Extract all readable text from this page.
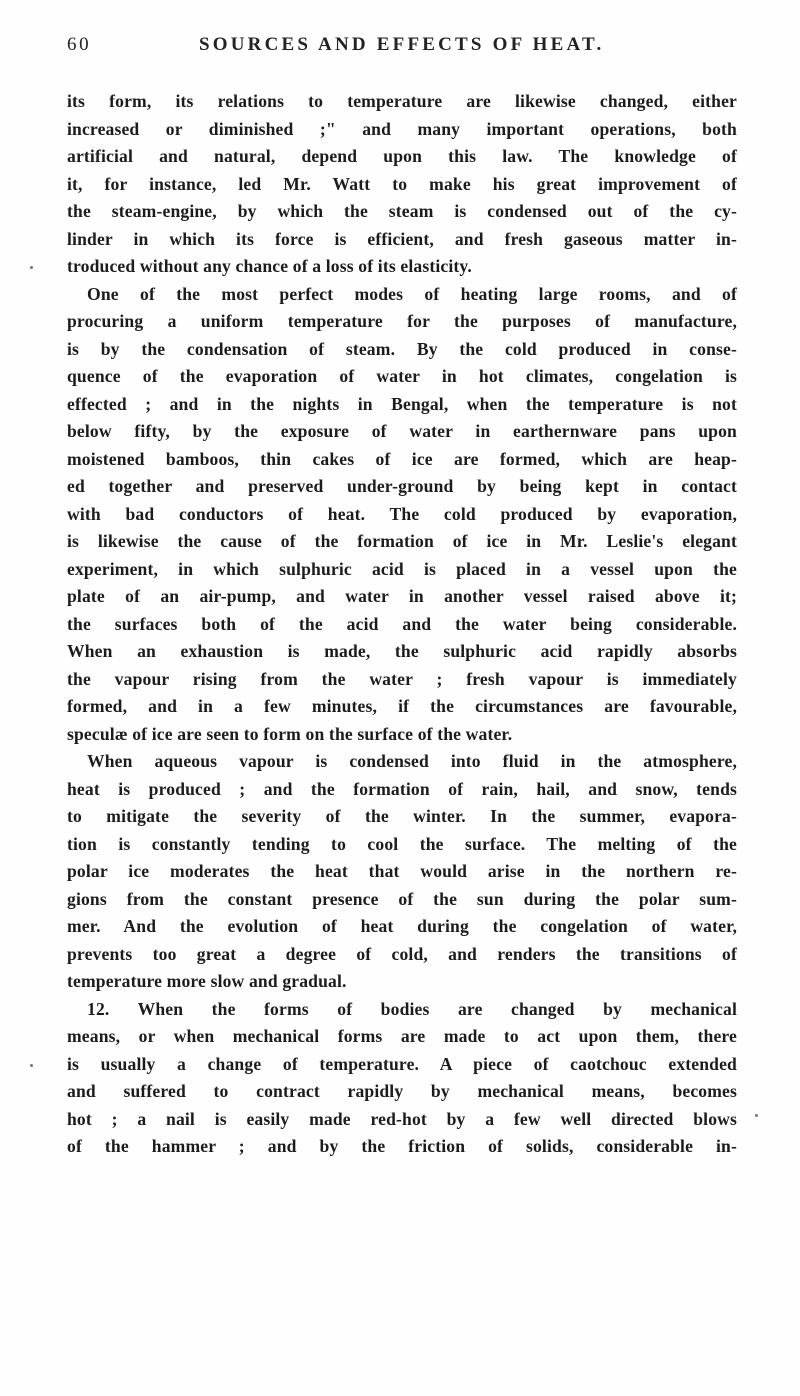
60	SOURCES AND EFFECTS OF HEAT.
its form, its relations to temperature are likewise changed, either
increased or diminished ;" and many important operations, both
artificial and natural, depend upon this law. The knowledge of
it, for instance, led Mr. Watt to make his great improvement of
the steam-engine, by which the steam is condensed out of the cy-
linder in which its force is efficient, and fresh gaseous matter in-
troduced without any chance of a loss of its elasticity.
One of the most perfect modes of heating large rooms, and of
procuring a uniform temperature for the purposes of manufacture,
is by the condensation of steam. By the cold produced in conse-
quence of the evaporation of water in hot climates, congelation is
effected ; and in the nights in Bengal, when the temperature is not
below fifty, by the exposure of water in earthernware pans upon
moistened bamboos, thin cakes of ice are formed, which are heap-
ed together and preserved under-ground by being kept in contact
with bad conductors of heat. The cold produced by evaporation,
is likewise the cause of the formation of ice in Mr. Leslie's elegant
experiment, in which sulphuric acid is placed in a vessel upon the
plate of an air-pump, and water in another vessel raised above it;
the surfaces both of the acid and the water being considerable.
When an exhaustion is made, the sulphuric acid rapidly absorbs
the vapour rising from the water ; fresh vapour is immediately
formed, and in a few minutes, if the circumstances are favourable,
speculæ of ice are seen to form on the surface of the water.
When aqueous vapour is condensed into fluid in the atmosphere,
heat is produced ; and the formation of rain, hail, and snow, tends
to mitigate the severity of the winter. In the summer, evapora-
tion is constantly tending to cool the surface. The melting of the
polar ice moderates the heat that would arise in the northern re-
gions from the constant presence of the sun during the polar sum-
mer. And the evolution of heat during the congelation of water,
prevents too great a degree of cold, and renders the transitions of
temperature more slow and gradual.
12. When the forms of bodies are changed by mechanical
means, or when mechanical forms are made to act upon them, there
is usually a change of temperature. A piece of caotchouc extended
and suffered to contract rapidly by mechanical means, becomes
hot ; a nail is easily made red-hot by a few well directed blows
of the hammer ; and by the friction of solids, considerable in-
